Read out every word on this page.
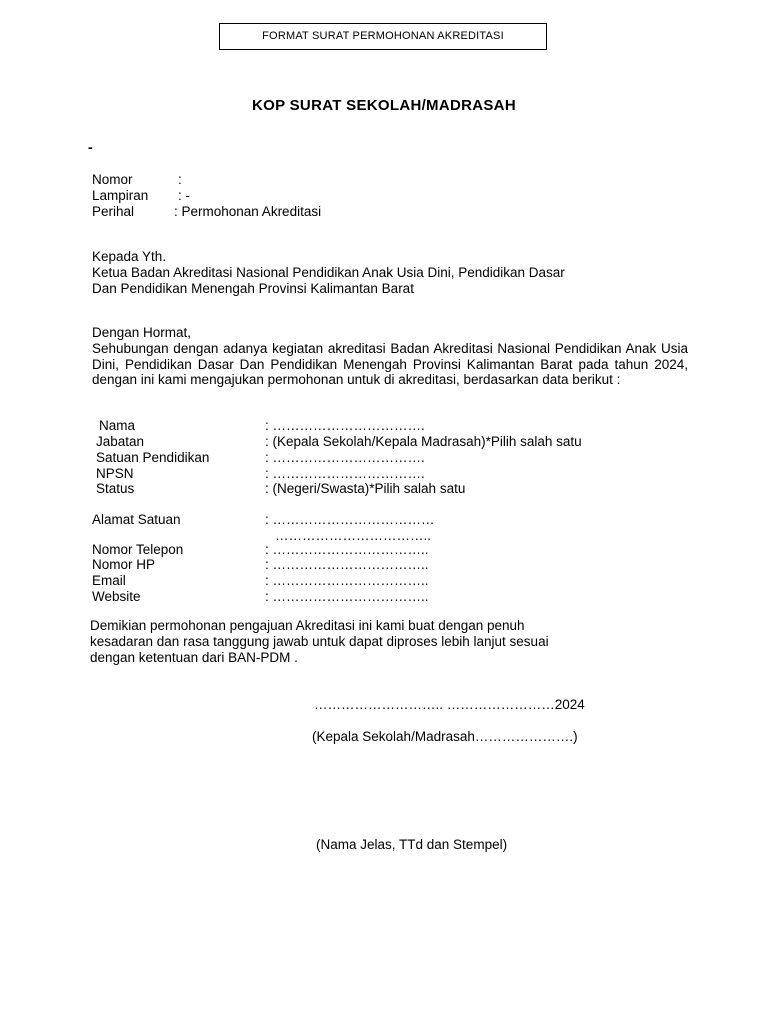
FORMAT SURAT PERMOHONAN AKREDITASI
KOP SURAT SEKOLAH/MADRASAH
-
Nomor	:
Lampiran : -
Perihal	: Permohonan Akreditasi
Kepada Yth.
Ketua Badan Akreditasi Nasional Pendidikan Anak Usia Dini, Pendidikan Dasar
Dan Pendidikan Menengah Provinsi Kalimantan Barat
Dengan Hormat,
Sehubungan dengan adanya kegiatan akreditasi Badan Akreditasi Nasional Pendidikan Anak Usia Dini, Pendidikan Dasar Dan Pendidikan Menengah Provinsi Kalimantan Barat pada tahun 2024, dengan ini kami mengajukan permohonan untuk di akreditasi, berdasarkan data berikut :
Nama	: …………………………….
Jabatan	: (Kepala Sekolah/Kepala Madrasah)*Pilih salah satu
Satuan Pendidikan	: …………………………….
NPSN	: …………………………….
Status	: (Negeri/Swasta)*Pilih salah satu
Alamat Satuan	: ………………………………
……………………………..
Nomor Telepon	: ……………………………..
Nomor HP	: ……………………………..
Email	: ……………………………..
Website	: ……………………………..
Demikian permohonan pengajuan Akreditasi ini kami buat dengan penuh
kesadaran dan rasa tanggung jawab untuk dapat diproses lebih lanjut sesuai
dengan ketentuan dari BAN-PDM .
……………………….. ……………………2024
(Kepala Sekolah/Madrasah………………….)
(Nama Jelas, TTd dan Stempel)
